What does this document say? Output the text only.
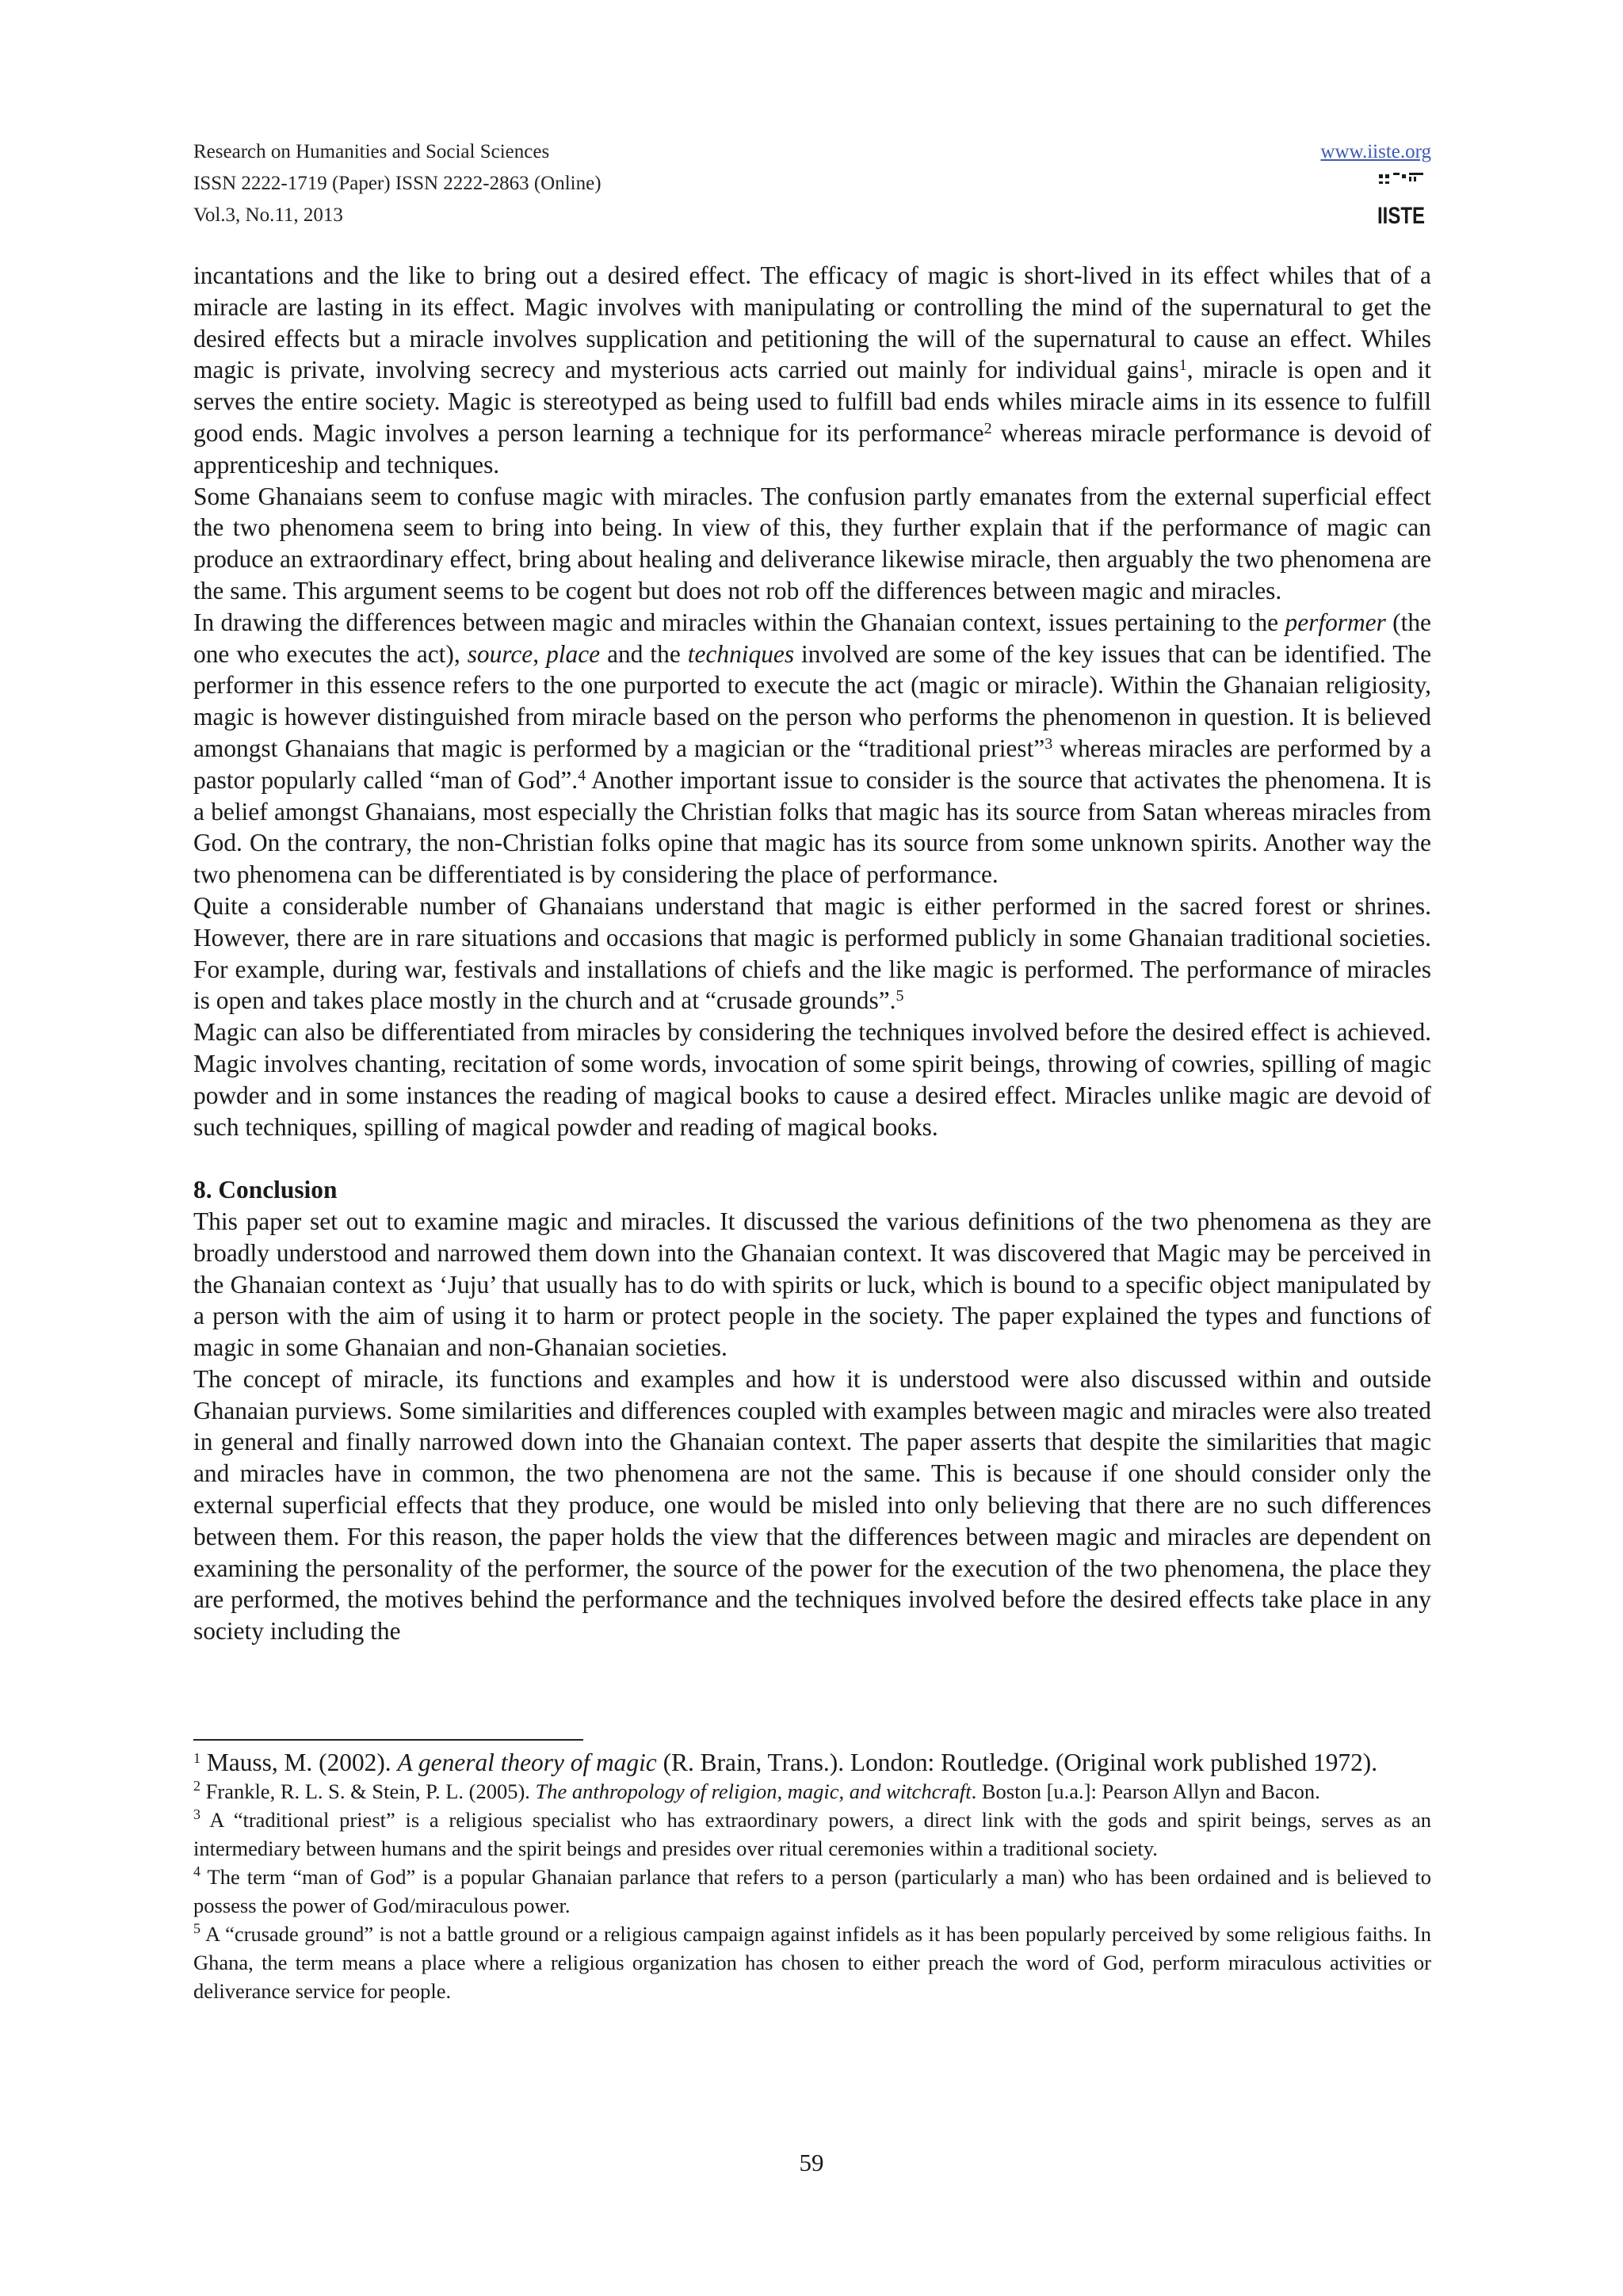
Research on Humanities and Social Sciences
ISSN 2222-1719 (Paper) ISSN 2222-2863 (Online)
Vol.3, No.11, 2013
www.iiste.org
IISTE

incantations and the like to bring out a desired effect. The efficacy of magic is short-lived in its effect whiles that of a miracle are lasting in its effect. Magic involves with manipulating or controlling the mind of the supernatural to get the desired effects but a miracle involves supplication and petitioning the will of the supernatural to cause an effect. Whiles magic is private, involving secrecy and mysterious acts carried out mainly for individual gains$^1$, miracle is open and it serves the entire society. Magic is stereotyped as being used to fulfill bad ends whiles miracle aims in its essence to fulfill good ends. Magic involves a person learning a technique for its performance$^2$ whereas miracle performance is devoid of apprenticeship and techniques.

Some Ghanaians seem to confuse magic with miracles. The confusion partly emanates from the external superficial effect the two phenomena seem to bring into being. In view of this, they further explain that if the performance of magic can produce an extraordinary effect, bring about healing and deliverance likewise miracle, then arguably the two phenomena are the same. This argument seems to be cogent but does not rob off the differences between magic and miracles.

In drawing the differences between magic and miracles within the Ghanaian context, issues pertaining to the performer (the one who executes the act), source, place and the techniques involved are some of the key issues that can be identified. The performer in this essence refers to the one purported to execute the act (magic or miracle). Within the Ghanaian religiosity, magic is however distinguished from miracle based on the person who performs the phenomenon in question. It is believed amongst Ghanaians that magic is performed by a magician or the “traditional priest”$^3$ whereas miracles are performed by a pastor popularly called “man of God”.$^4$ Another important issue to consider is the source that activates the phenomena. It is a belief amongst Ghanaians, most especially the Christian folks that magic has its source from Satan whereas miracles from God. On the contrary, the non-Christian folks opine that magic has its source from some unknown spirits. Another way the two phenomena can be differentiated is by considering the place of performance.

Quite a considerable number of Ghanaians understand that magic is either performed in the sacred forest or shrines. However, there are in rare situations and occasions that magic is performed publicly in some Ghanaian traditional societies. For example, during war, festivals and installations of chiefs and the like magic is performed. The performance of miracles is open and takes place mostly in the church and at “crusade grounds”.$^5$

Magic can also be differentiated from miracles by considering the techniques involved before the desired effect is achieved. Magic involves chanting, recitation of some words, invocation of some spirit beings, throwing of cowries, spilling of magic powder and in some instances the reading of magical books to cause a desired effect. Miracles unlike magic are devoid of such techniques, spilling of magical powder and reading of magical books.

8. Conclusion

This paper set out to examine magic and miracles. It discussed the various definitions of the two phenomena as they are broadly understood and narrowed them down into the Ghanaian context. It was discovered that Magic may be perceived in the Ghanaian context as ‘Juju’ that usually has to do with spirits or luck, which is bound to a specific object manipulated by a person with the aim of using it to harm or protect people in the society. The paper explained the types and functions of magic in some Ghanaian and non-Ghanaian societies.

The concept of miracle, its functions and examples and how it is understood were also discussed within and outside Ghanaian purviews. Some similarities and differences coupled with examples between magic and miracles were also treated in general and finally narrowed down into the Ghanaian context. The paper asserts that despite the similarities that magic and miracles have in common, the two phenomena are not the same. This is because if one should consider only the external superficial effects that they produce, one would be misled into only believing that there are no such differences between them. For this reason, the paper holds the view that the differences between magic and miracles are dependent on examining the personality of the performer, the source of the power for the execution of the two phenomena, the place they are performed, the motives behind the performance and the techniques involved before the desired effects take place in any society including the

$^1$ Mauss, M. (2002). A general theory of magic (R. Brain, Trans.). London: Routledge. (Original work published 1972).

$^2$ Frankle, R. L. S. & Stein, P. L. (2005). The anthropology of religion, magic, and witchcraft. Boston [u.a.]: Pearson Allyn and Bacon.

$^3$ A “traditional priest” is a religious specialist who has extraordinary powers, a direct link with the gods and spirit beings, serves as an intermediary between humans and the spirit beings and presides over ritual ceremonies within a traditional society.

$^4$ The term “man of God” is a popular Ghanaian parlance that refers to a person (particularly a man) who has been ordained and is believed to possess the power of God/miraculous power.

$^5$ A “crusade ground” is not a battle ground or a religious campaign against infidels as it has been popularly perceived by some religious faiths. In Ghana, the term means a place where a religious organization has chosen to either preach the word of God, perform miraculous activities or deliverance service for people.

59
